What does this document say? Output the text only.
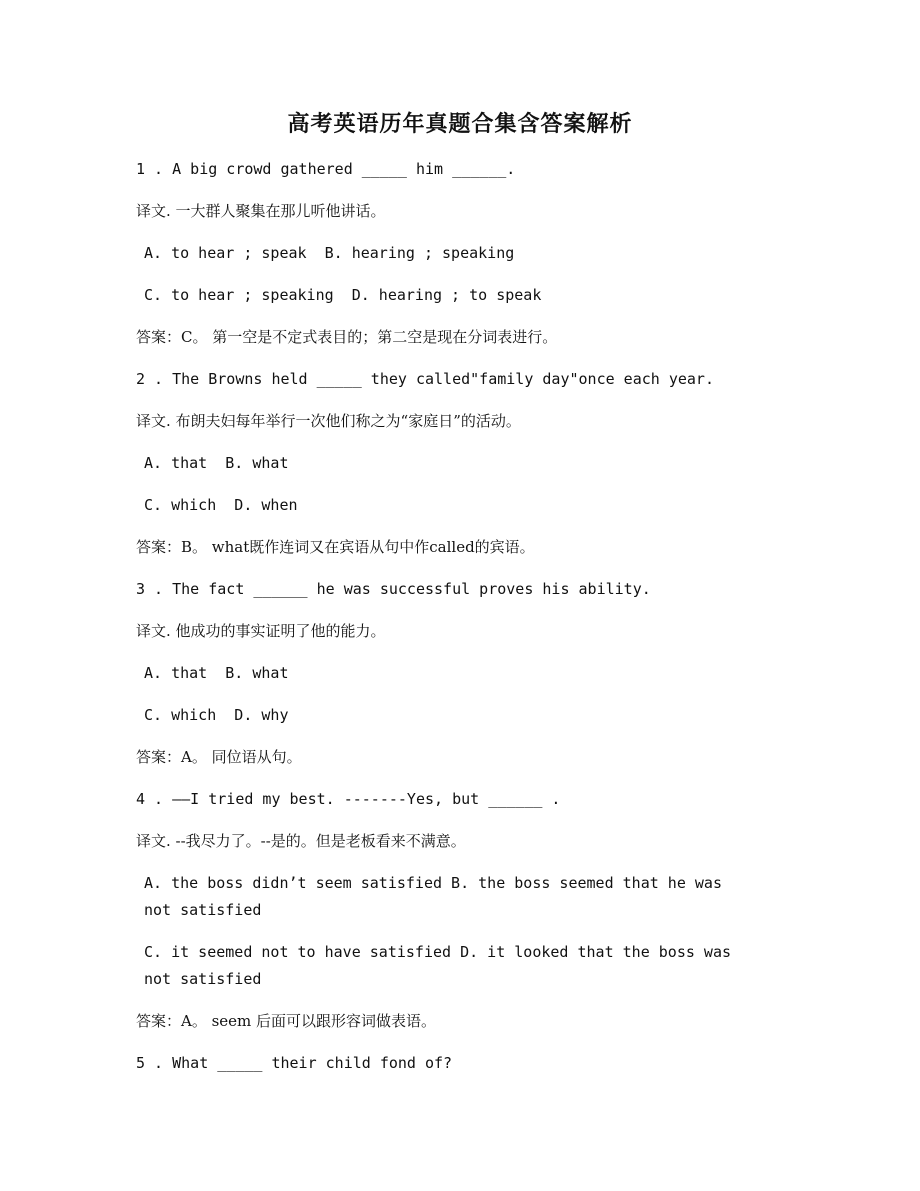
高考英语历年真题合集含答案解析
1 . A big crowd gathered _____ him ______.
译文. 一大群人聚集在那儿听他讲话。
A. to hear ; speak  B. hearing ; speaking
C. to hear ; speaking  D. hearing ; to speak
答案：C。 第一空是不定式表目的；第二空是现在分词表进行。
2 . The Browns held _____ they called"family day"once each year.
译文. 布朗夫妇每年举行一次他们称之为“家庭日”的活动。
A. that  B. what
C. which  D. when
答案：B。 what既作连词又在宾语从句中作called的宾语。
3 . The fact ______ he was successful proves his ability.
译文. 他成功的事实证明了他的能力。
A. that  B. what
C. which  D. why
答案：A。 同位语从句。
4 . ——I tried my best. -------Yes, but ______ .
译文. --我尽力了。--是的。但是老板看来不满意。
A. the boss didn’t seem satisfied B. the boss seemed that he was not satisfied
C. it seemed not to have satisfied D. it looked that the boss was not satisfied
答案：A。 seem 后面可以跟形容词做表语。
5 . What _____ their child fond of?
